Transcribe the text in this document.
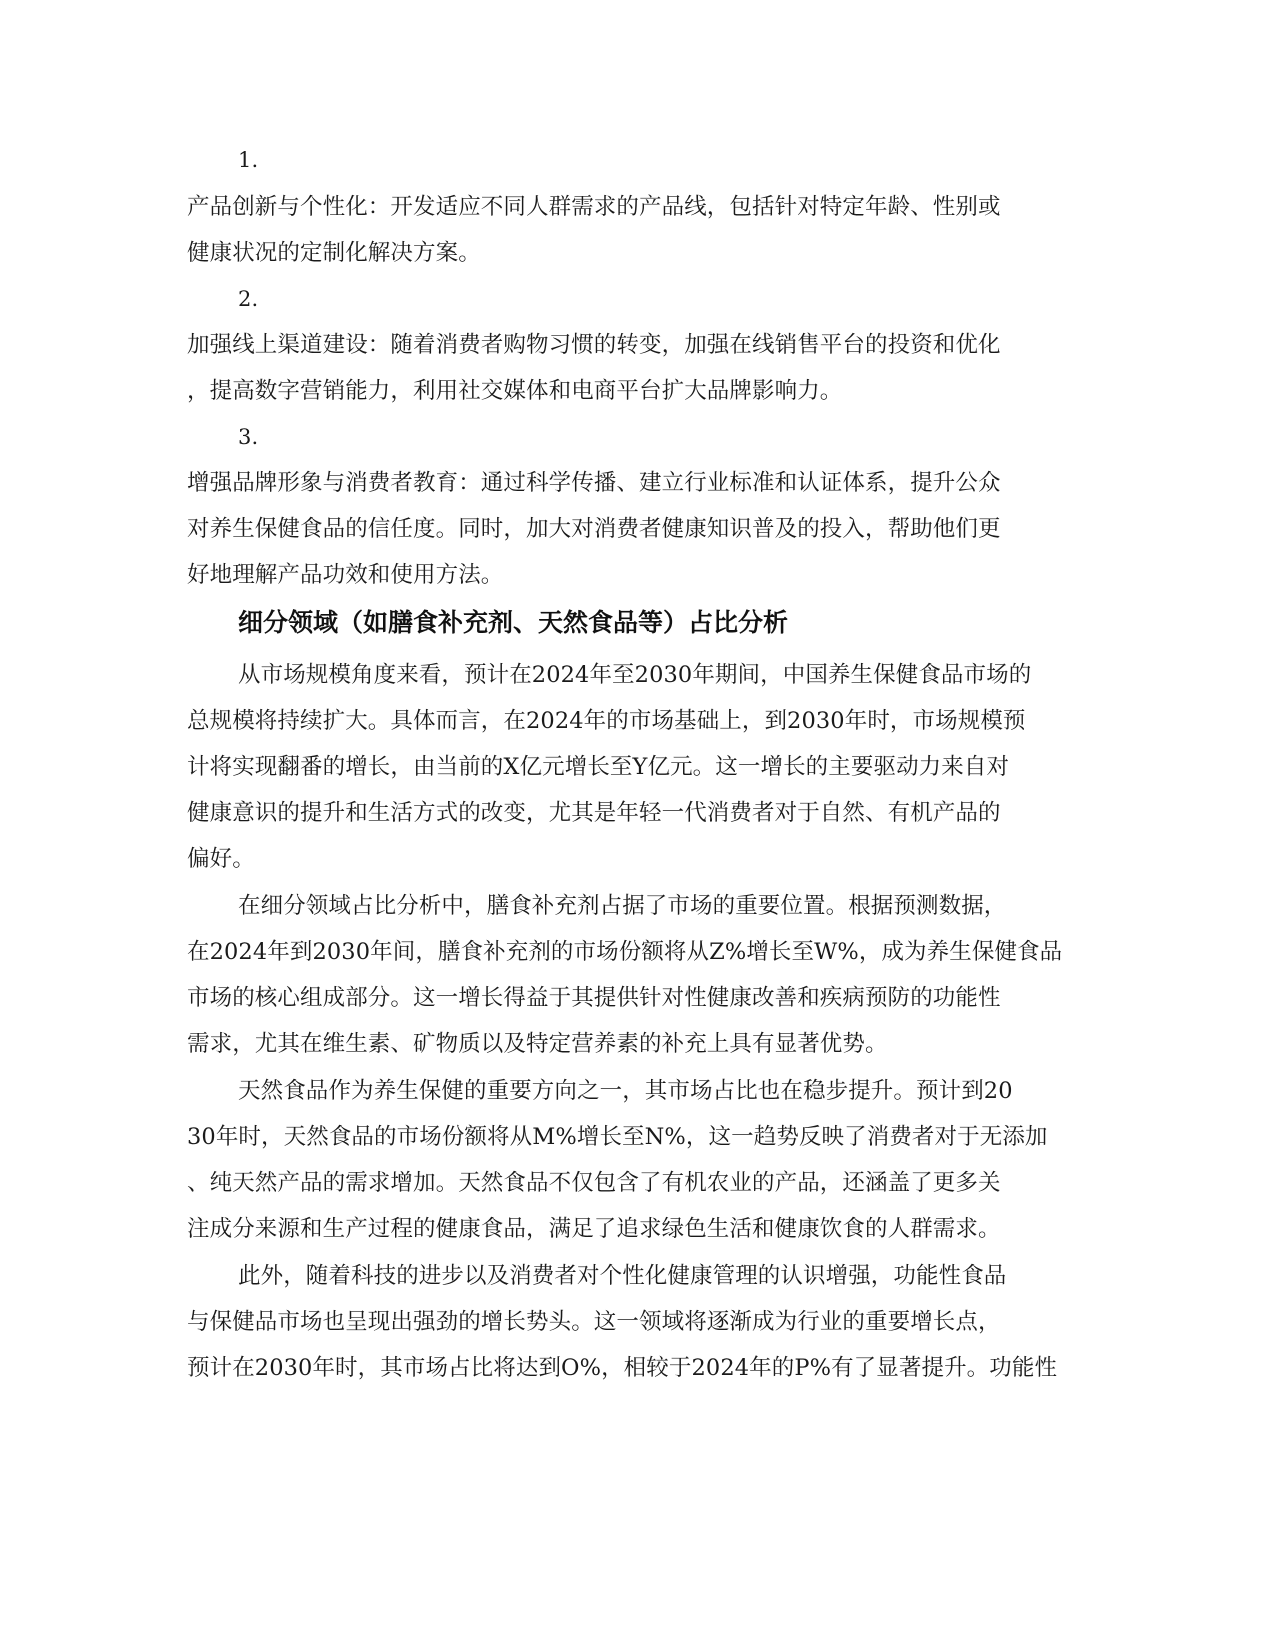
1.
产品创新与个性化：开发适应不同人群需求的产品线，包括针对特定年龄、性别或
健康状况的定制化解决方案。
2.
加强线上渠道建设：随着消费者购物习惯的转变，加强在线销售平台的投资和优化
，提高数字营销能力，利用社交媒体和电商平台扩大品牌影响力。
3.
增强品牌形象与消费者教育：通过科学传播、建立行业标准和认证体系，提升公众
对养生保健食品的信任度。同时，加大对消费者健康知识普及的投入，帮助他们更
好地理解产品功效和使用方法。
细分领域（如膳食补充剂、天然食品等）占比分析
从市场规模角度来看，预计在2024年至2030年期间，中国养生保健食品市场的
总规模将持续扩大。具体而言，在2024年的市场基础上，到2030年时，市场规模预
计将实现翻番的增长，由当前的X亿元增长至Y亿元。这一增长的主要驱动力来自对
健康意识的提升和生活方式的改变，尤其是年轻一代消费者对于自然、有机产品的
偏好。
在细分领域占比分析中，膳食补充剂占据了市场的重要位置。根据预测数据，
在2024年到2030年间，膳食补充剂的市场份额将从Z%增长至W%，成为养生保健食品
市场的核心组成部分。这一增长得益于其提供针对性健康改善和疾病预防的功能性
需求，尤其在维生素、矿物质以及特定营养素的补充上具有显著优势。
天然食品作为养生保健的重要方向之一，其市场占比也在稳步提升。预计到20
30年时，天然食品的市场份额将从M%增长至N%，这一趋势反映了消费者对于无添加
、纯天然产品的需求增加。天然食品不仅包含了有机农业的产品，还涵盖了更多关
注成分来源和生产过程的健康食品，满足了追求绿色生活和健康饮食的人群需求。
此外，随着科技的进步以及消费者对个性化健康管理的认识增强，功能性食品
与保健品市场也呈现出强劲的增长势头。这一领域将逐渐成为行业的重要增长点，
预计在2030年时，其市场占比将达到O%，相较于2024年的P%有了显著提升。功能性
